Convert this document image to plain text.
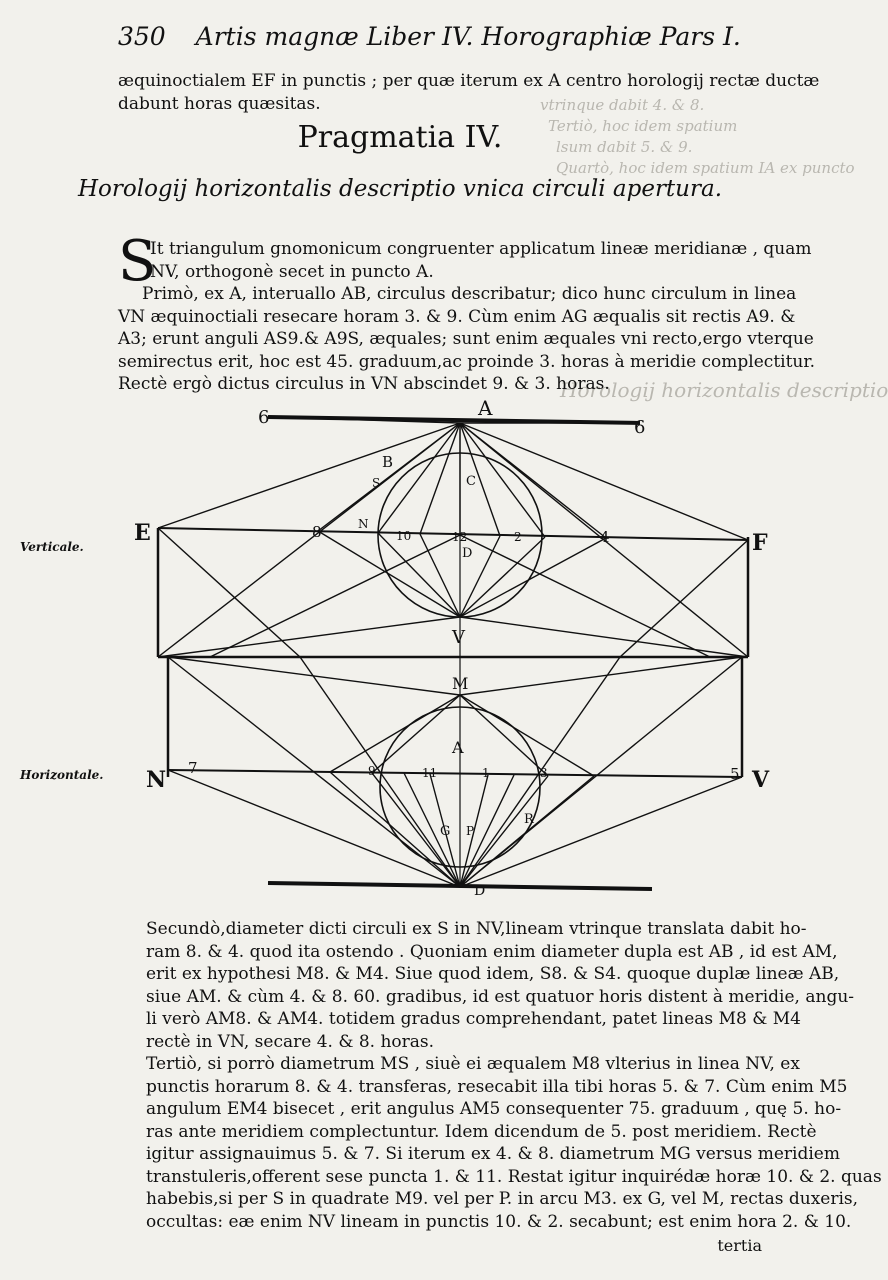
vtrinque dabit 4. & 8.
Tertiò, hoc idem spatium
lsum dabit 5. & 9.
Quartò, hoc idem spatium IA ex puncto
Horologij horizontalis descriptio
350 Artis magnæ Liber IV. Horographiæ Pars I.
æquinoctialem EF in punctis ; per quæ iterum ex A centro horologij rectæ ductæ
dabunt horas quæsitas.
Pragmatia IV.
Horologij horizontalis descriptio vnica circuli apertura.
S
It triangulum gnomonicum congruenter applicatum lineæ meridianæ , quam
NV, orthogonè secet in puncto A.
Primò, ex A, interuallo AB, circulus describatur; dico hunc circulum in linea
VN æquinoctiali resecare horam 3. & 9. Cùm enim AG æqualis sit rectis A9. &
A3; erunt anguli AS9.& A9S, æquales; sunt enim æquales vni recto,ergo vterque
semirectus erit, hoc est 45. graduum,ac proinde 3. horas à meridie complectitur.
Rectè ergò dictus circulus in VN abscindet 9. & 3. horas.
Verticale.
Horizontale.
A
6	6
E	F
B
S	C
N
8	10	12
D
2	4
V
M
A
N	V
7	5
9	11	1	3
R
G P
D
Secundò,diameter dicti circuli ex S in NV,lineam vtrinque translata dabit ho-
ram 8. & 4. quod ita ostendo . Quoniam enim diameter dupla est AB , id est AM,
erit ex hypothesi M8. & M4. Siue quod idem, S8. & S4. quoque duplæ lineæ AB,
siue AM. & cùm 4. & 8. 60. gradibus, id est quatuor horis distent à meridie, angu-
li verò AM8. & AM4. totidem gradus comprehendant, patet lineas M8 & M4
rectè in VN, secare 4. & 8. horas.
Tertiò, si porrò diametrum MS , siuè ei æqualem M8 vlterius in linea NV, ex
punctis horarum 8. & 4. transferas, resecabit illa tibi horas 5. & 7. Cùm enim M5
angulum EM4 bisecet , erit angulus AM5 consequenter 75. graduum , quę 5. ho-
ras ante meridiem complectuntur. Idem dicendum de 5. post meridiem. Rectè
igitur assignauimus 5. & 7. Si iterum ex 4. & 8. diametrum MG versus meridiem
transtuleris,offerent sese puncta 1. & 11. Restat igitur inquirédæ horæ 10. & 2. quas
habebis,si per S in quadrate M9. vel per P. in arcu M3. ex G, vel M, rectas duxeris,
occultas: eæ enim NV lineam in punctis 10. & 2. secabunt; est enim hora 2. & 10.
tertia
